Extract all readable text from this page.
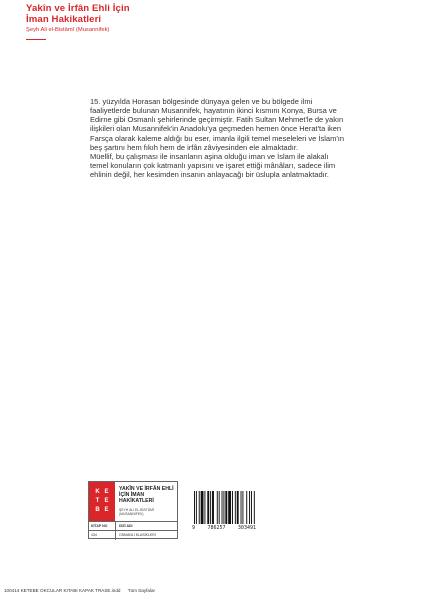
Yakîn ve İrfân Ehli İçin
İman Hakikatleri
Şeyh Ali el-Bistâmî (Musannifek)

15. yüzyılda Horasan bölgesinde dünyaya gelen ve bu bölgede ilmi faaliyetlerde bulunan Musannifek, hayatının ikinci kısmını Konya, Bursa ve Edirne gibi Osmanlı şehirlerinde geçirmiştir. Fatih Sultan Mehmet'le de yakın ilişkileri olan Musannifek'in Anadolu'ya geçmeden hemen önce Herat'ta iken Farsça olarak kaleme aldığı bu eser, imanla ilgili temel meseleleri ve İslam'ın beş şartını hem fıkıh hem de irfân zâviyesinden ele almaktadır.

Müellif, bu çalışması ile insanların aşina olduğu iman ve İslam ile alakalı temel konuların çok katmanlı yapısını ve işaret ettiği mânâları, sadece ilim ehlinin değil, her kesimden insanın anlayacağı bir üslupla anlatmaktadır.

K E
T E
B E
YAKÎN VE İRFÂN EHLİ İÇİN İMAN HAKİKATLERİ
ŞEYH ALİ EL-BİSTÂMÎ (MUSANNİFEK)
KİTAP NO	DİZİ ADI
434	OSMANLI KLASİKLERİ
9 786257 303491
100414 KETEBE OKCULAR KITABI KAPAK TRASE.indd Tüm Sayfalar
